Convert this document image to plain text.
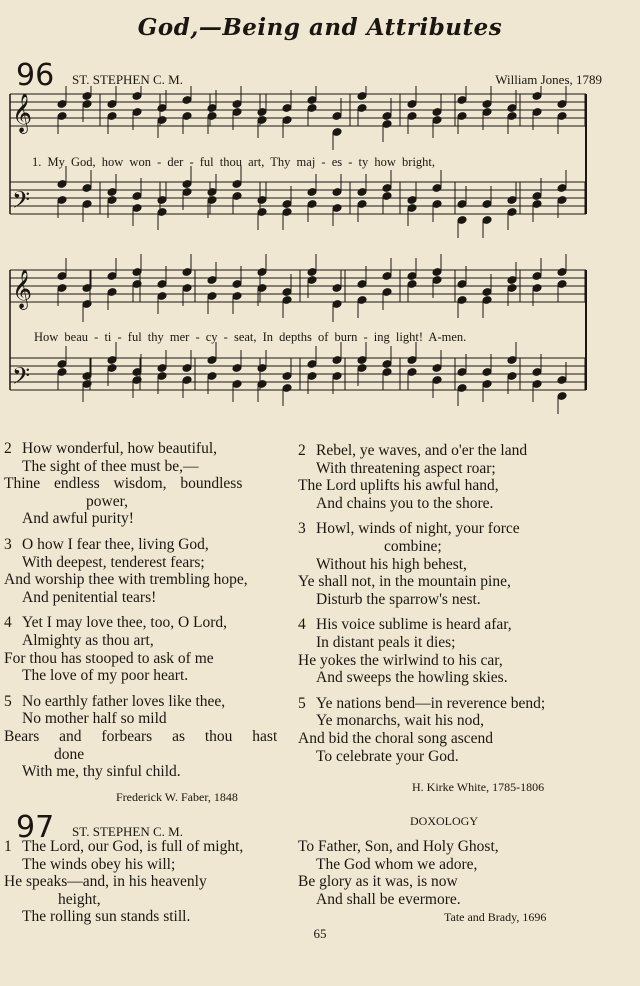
God,—Being and Attributes
96 ST. STEPHEN C. M.	William Jones, 1789
𝄞
𝄢
𝄞
𝄢
1. My God, how won - der - ful thou art, Thy maj - es - ty how bright,
How beau - ti - ful thy mer - cy - seat, In depths of burn - ing light! A-men.

2 How wonderful, how beautiful,
The sight of thee must be,—
Thine endless wisdom, boundless
power,
And awful purity!

3 O how I fear thee, living God,
With deepest, tenderest fears;
And worship thee with trembling hope,
And penitential tears!

4 Yet I may love thee, too, O Lord,
Almighty as thou art,
For thou has stooped to ask of me
The love of my poor heart.

5 No earthly father loves like thee,
No mother half so mild
Bears and forbears as thou hast
done
With me, thy sinful child.

Frederick W. Faber, 1848

2 Rebel, ye waves, and o'er the land
With threatening aspect roar;
The Lord uplifts his awful hand,
And chains you to the shore.

3 Howl, winds of night, your force
combine;
Without his high behest,
Ye shall not, in the mountain pine,
Disturb the sparrow's nest.

4 His voice sublime is heard afar,
In distant peals it dies;
He yokes the wirlwind to his car,
And sweeps the howling skies.

5 Ye nations bend—in reverence bend;
Ye monarchs, wait his nod,
And bid the choral song ascend
To celebrate your God.

H. Kirke White, 1785-1806
97 ST. STEPHEN C. M.

1 The Lord, our God, is full of might,
The winds obey his will;
He speaks—and, in his heavenly
height,
The rolling sun stands still.

DOXOLOGY

To Father, Son, and Holy Ghost,
The God whom we adore,
Be glory as it was, is now
And shall be evermore.

Tate and Brady, 1696
65
